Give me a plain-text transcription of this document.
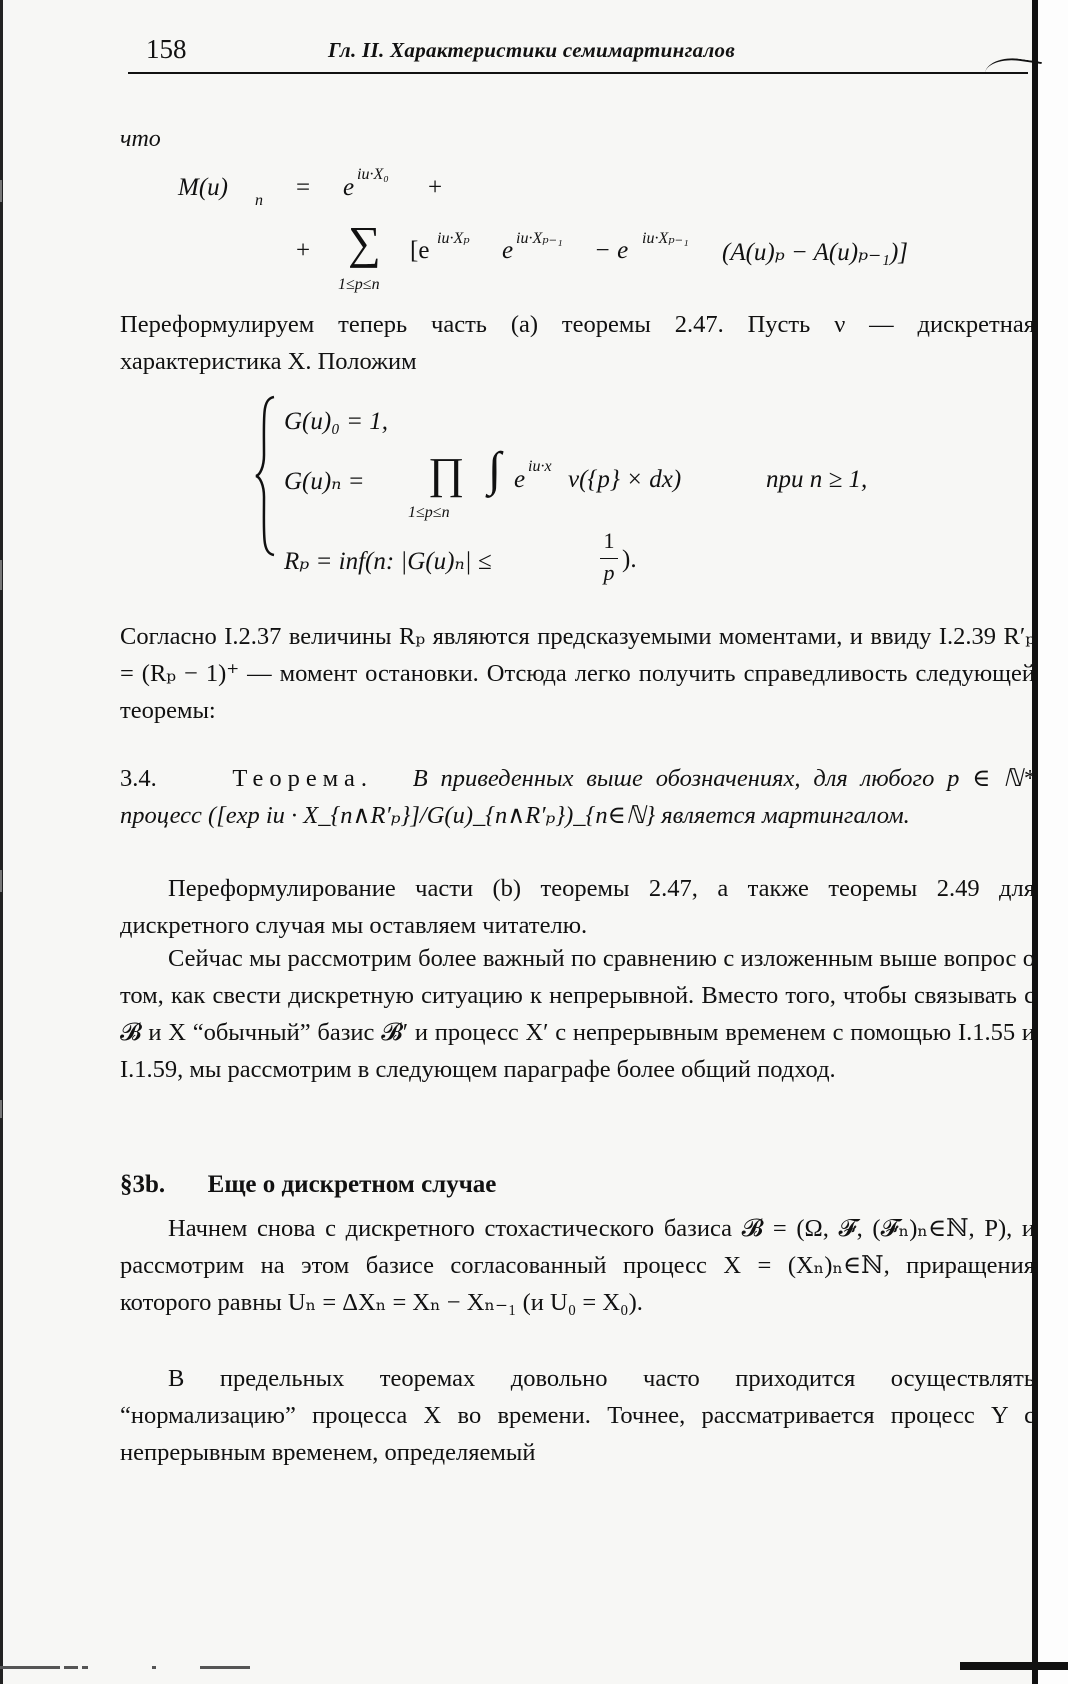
158	Гл. II. Характеристики семимартингалов
что
M(u) n = e iu·X₀ +
+ ∑
1≤p≤n
[e iu·Xₚ e iu·Xₚ₋₁ − e iu·Xₚ₋₁
(A(u)ₚ − A(u)ₚ₋₁)]
Переформулируем теперь часть (a) теоремы 2.47. Пусть ν — дискретная характеристика X. Положим
G(u)₀ = 1,
G(u)ₙ = ∏
1≤p≤n
∫ e iu·x ν({p} × dx)	при n ≥ 1,
Rₚ = inf(n: |G(u)ₙ| ≤
1
p ).
Согласно I.2.37 величины Rₚ являются предсказуемыми моментами, и ввиду I.2.39 R′ₚ = (Rₚ − 1)⁺ — момент остановки. Отсюда легко получить справедливость следующей теоремы:
3.4.	Теорема. В приведенных выше обозначениях, для любого p ∈ ℕ* процесс ([exp iu · X_{n∧R′ₚ}]/G(u)_{n∧R′ₚ})_{n∈ℕ} является мартингалом.
Переформулирование части (b) теоремы 2.47, а также теоремы 2.49 для дискретного случая мы оставляем читателю.
Сейчас мы рассмотрим более важный по сравнению с изложенным выше вопрос о том, как свести дискретную ситуацию к непрерывной. Вместо того, чтобы связывать с 𝓑 и X “обычный” базис 𝓑′ и процесс X′ с непрерывным временем с помощью I.1.55 и I.1.59, мы рассмотрим в следующем параграфе более общий подход.
§3b. Еще о дискретном случае
Начнем снова с дискретного стохастического базиса 𝓑 = (Ω, 𝓕, (𝓕ₙ)ₙ∈ℕ, P), и рассмотрим на этом базисе согласованный процесс X = (Xₙ)ₙ∈ℕ, приращения которого равны Uₙ = ΔXₙ = Xₙ − Xₙ₋₁ (и U₀ = X₀).
В предельных теоремах довольно часто приходится осуществлять “нормализацию” процесса X во времени. Точнее, рассматривается процесс Y с непрерывным временем, определяемый
